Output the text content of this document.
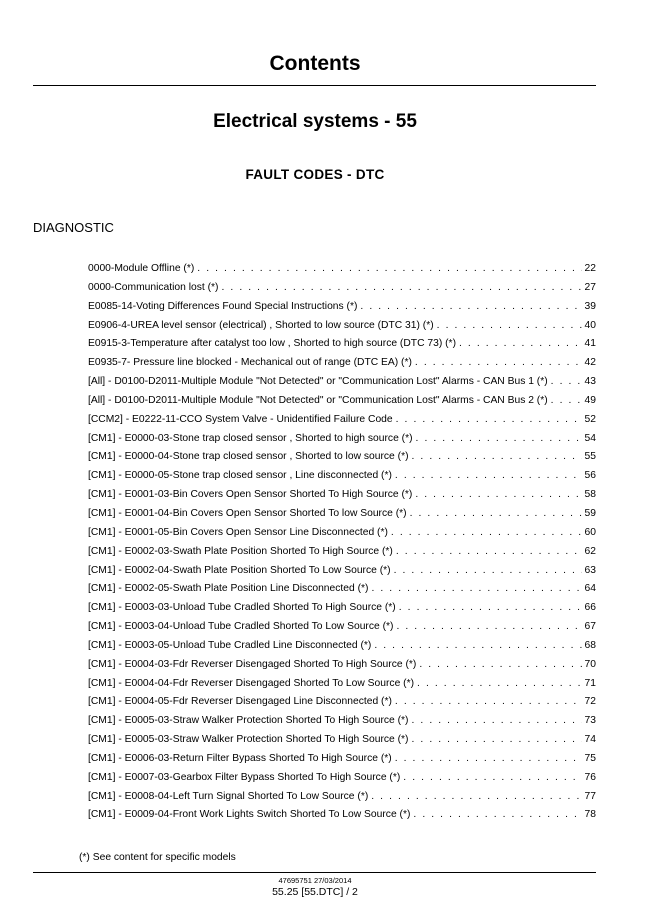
Contents
Electrical systems - 55
FAULT CODES - DTC
DIAGNOSTIC
0000-Module Offline (*) . . .	22
0000-Communication lost (*) . . .	27
E0085-14-Voting Differences Found Special Instructions (*) . . .	39
E0906-4-UREA level sensor (electrical) , Shorted to low source (DTC 31) (*) . . .	40
E0915-3-Temperature after catalyst too low , Shorted to high source (DTC 73) (*) . . .	41
E0935-7- Pressure line blocked - Mechanical out of range (DTC EA) (*) . . .	42
[All] - D0100-D2011-Multiple Module "Not Detected" or "Communication Lost" Alarms - CAN Bus 1 (*) . . .	43
[All] - D0100-D2011-Multiple Module "Not Detected" or "Communication Lost" Alarms - CAN Bus 2 (*) . . .	49
[CCM2] - E0222-11-CCO System Valve - Unidentified Failure Code . . .	52
[CM1] - E0000-03-Stone trap closed sensor , Shorted to high source (*) . . .	54
[CM1] - E0000-04-Stone trap closed sensor , Shorted to low source (*) . . .	55
[CM1] - E0000-05-Stone trap closed sensor , Line disconnected (*) . . .	56
[CM1] - E0001-03-Bin Covers Open Sensor Shorted To High Source (*) . . .	58
[CM1] - E0001-04-Bin Covers Open Sensor Shorted To low Source (*) . . .	59
[CM1] - E0001-05-Bin Covers Open Sensor Line Disconnected (*) . . .	60
[CM1] - E0002-03-Swath Plate Position Shorted To High Source (*) . . .	62
[CM1] - E0002-04-Swath Plate Position Shorted To Low Source (*) . . .	63
[CM1] - E0002-05-Swath Plate Position Line Disconnected (*) . . .	64
[CM1] - E0003-03-Unload Tube Cradled Shorted To High Source (*) . . .	66
[CM1] - E0003-04-Unload Tube Cradled Shorted To Low Source (*) . . .	67
[CM1] - E0003-05-Unload Tube Cradled Line Disconnected (*) . . .	68
[CM1] - E0004-03-Fdr Reverser Disengaged Shorted To High Source (*) . . .	70
[CM1] - E0004-04-Fdr Reverser Disengaged Shorted To Low Source (*) . . .	71
[CM1] - E0004-05-Fdr Reverser Disengaged Line Disconnected (*) . . .	72
[CM1] - E0005-03-Straw Walker Protection Shorted To High Source (*) . . .	73
[CM1] - E0005-03-Straw Walker Protection Shorted To High Source (*) . . .	74
[CM1] - E0006-03-Return Filter Bypass Shorted To High Source (*) . . .	75
[CM1] - E0007-03-Gearbox Filter Bypass Shorted To High Source (*) . . .	76
[CM1] - E0008-04-Left Turn Signal Shorted To Low Source (*) . . .	77
[CM1] - E0009-04-Front Work Lights Switch Shorted To Low Source (*) . . .	78
(*) See content for specific models
47695751 27/03/2014
55.25 [55.DTC] / 2
